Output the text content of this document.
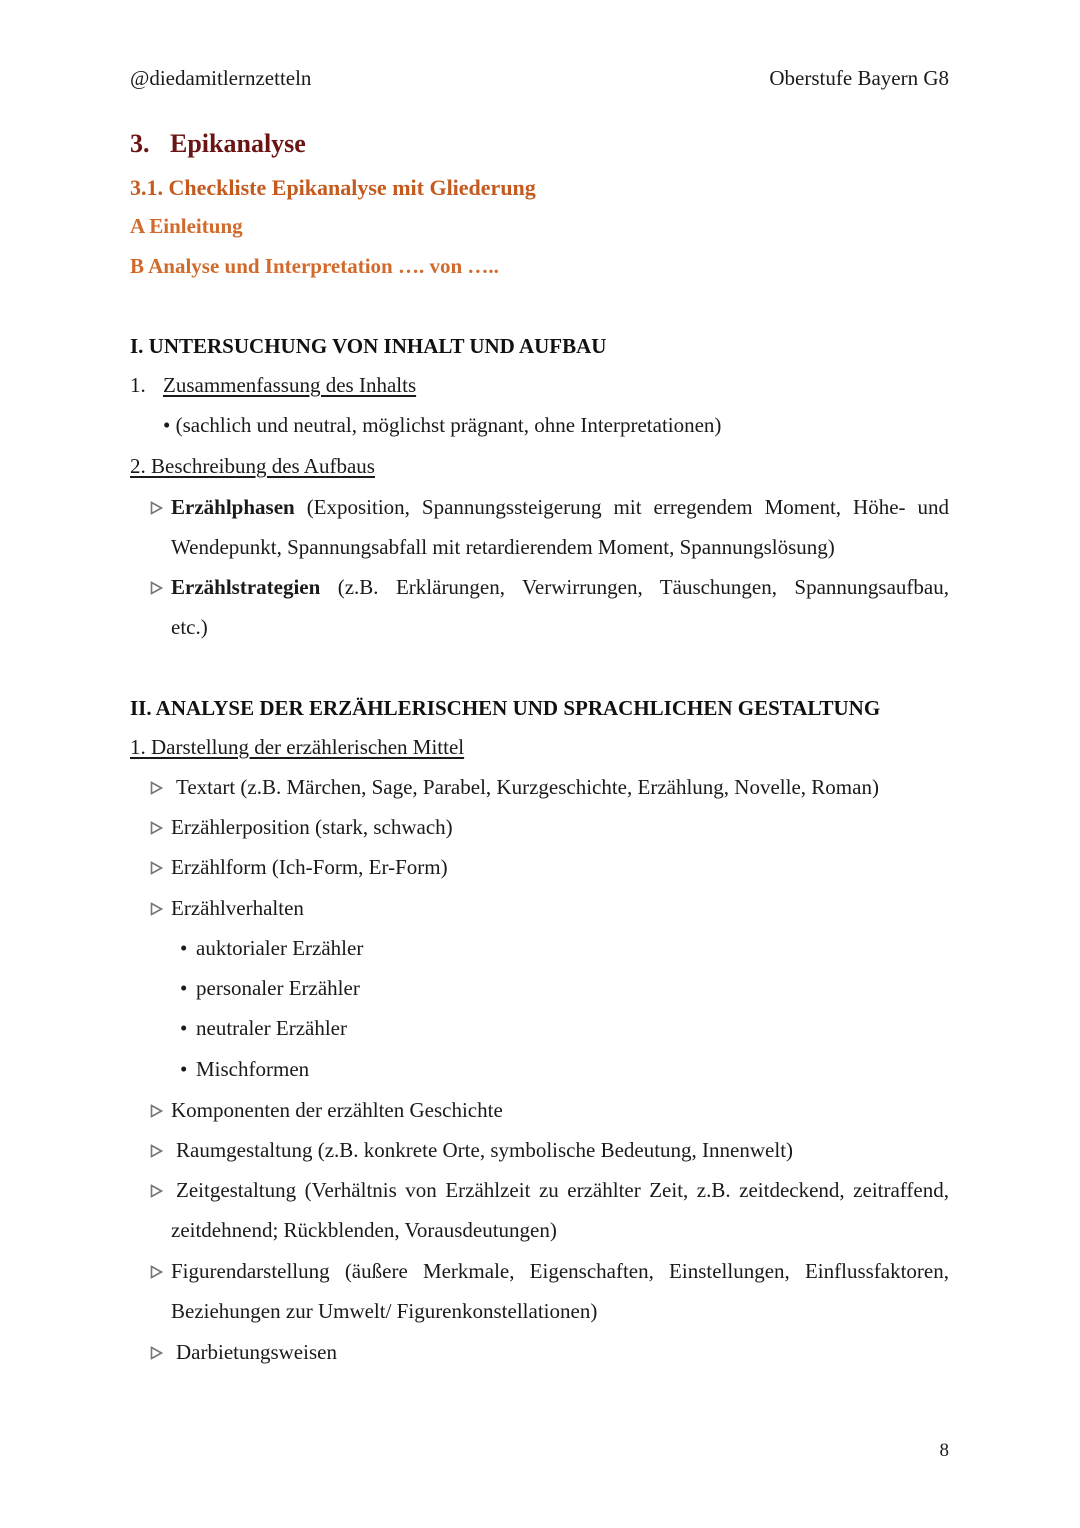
@diedamitlernzetteln	Oberstufe Bayern G8
3. Epikanalyse
3.1. Checkliste Epikanalyse mit Gliederung
A Einleitung
B Analyse und Interpretation …. von …..
I. UNTERSUCHUNG VON INHALT UND AUFBAU
1. Zusammenfassung des Inhalts
• (sachlich und neutral, möglichst prägnant, ohne Interpretationen)
2. Beschreibung des Aufbaus
Erzählphasen (Exposition, Spannungssteigerung mit erregendem Moment, Höhe- und
Wendepunkt, Spannungsabfall mit retardierendem Moment, Spannungslösung)
Erzählstrategien (z.B. Erklärungen, Verwirrungen, Täuschungen, Spannungsaufbau,
etc.)
II. ANALYSE DER ERZÄHLERISCHEN UND SPRACHLICHEN GESTALTUNG
1. Darstellung der erzählerischen Mittel
Textart (z.B. Märchen, Sage, Parabel, Kurzgeschichte, Erzählung, Novelle, Roman)
Erzählerposition (stark, schwach)
Erzählform (Ich-Form, Er-Form)
Erzählverhalten
• auktorialer Erzähler
• personaler Erzähler
• neutraler Erzähler
• Mischformen
Komponenten der erzählten Geschichte
Raumgestaltung (z.B. konkrete Orte, symbolische Bedeutung, Innenwelt)
Zeitgestaltung (Verhältnis von Erzählzeit zu erzählter Zeit, z.B. zeitdeckend, zeitraffend,
zeitdehnend; Rückblenden, Vorausdeutungen)
Figurendarstellung (äußere Merkmale, Eigenschaften, Einstellungen, Einflussfaktoren,
Beziehungen zur Umwelt/ Figurenkonstellationen)
Darbietungsweisen
8
